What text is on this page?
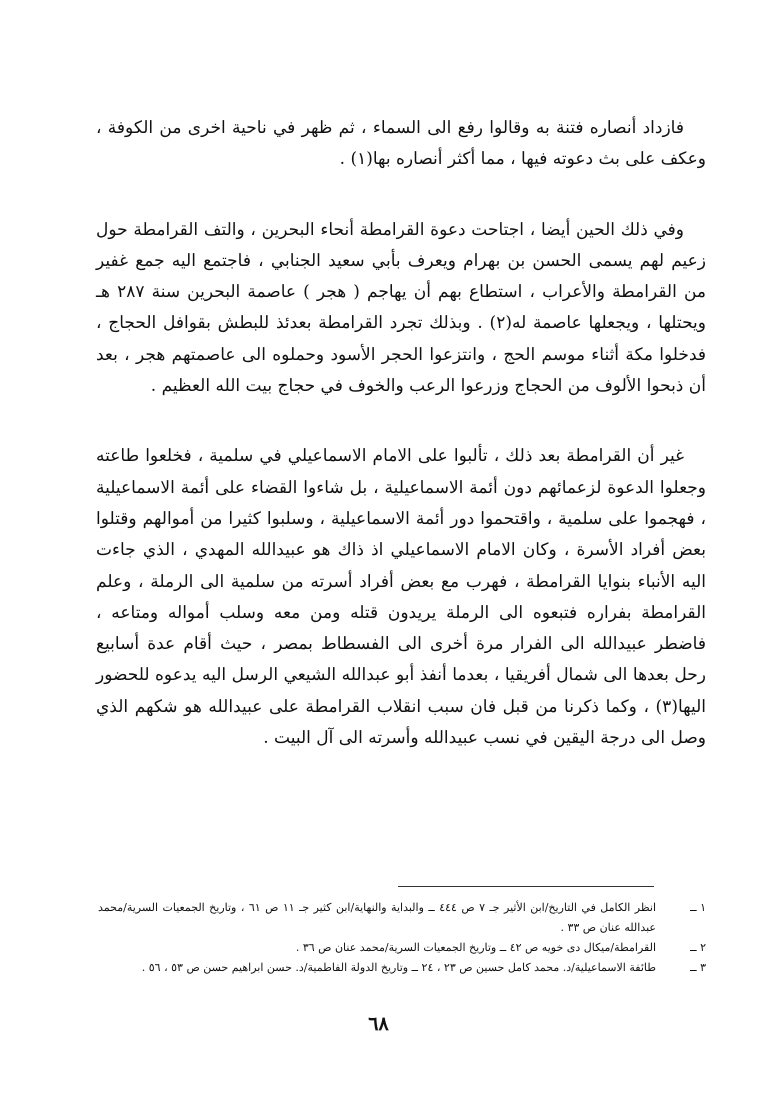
فازداد أنصاره فتنة به وقالوا رفع الى السماء ، ثم ظهر في ناحية اخرى من الكوفة ، وعكف على بث دعوته فيها ، مما أكثر أنصاره بها(١) .

وفي ذلك الحين أيضا ، اجتاحت دعوة القرامطة أنحاء البحرين ، والتف القرامطة حول زعيم لهم يسمى الحسن بن بهرام ويعرف بأبي سعيد الجنابي ، فاجتمع اليه جمع غفير من القرامطة والأعراب ، استطاع بهم أن يهاجم ( هجر ) عاصمة البحرين سنة ٢٨٧ هـ ويحتلها ، ويجعلها عاصمة له(٢) . وبذلك تجرد القرامطة بعدئذ للبطش بقوافل الحجاج ، فدخلوا مكة أثناء موسم الحج ، وانتزعوا الحجر الأسود وحملوه الى عاصمتهم هجر ، بعد أن ذبحوا الألوف من الحجاج وزرعوا الرعب والخوف في حجاج بيت الله العظيم .

غير أن القرامطة بعد ذلك ، تألبوا على الامام الاسماعيلي في سلمية ، فخلعوا طاعته وجعلوا الدعوة لزعمائهم دون أئمة الاسماعيلية ، بل شاءوا القضاء على أئمة الاسماعيلية ، فهجموا على سلمية ، واقتحموا دور أئمة الاسماعيلية ، وسلبوا كثيرا من أموالهم وقتلوا بعض أفراد الأسرة ، وكان الامام الاسماعيلي اذ ذاك هو عبيدالله المهدي ، الذي جاءت اليه الأنباء بنوايا القرامطة ، فهرب مع بعض أفراد أسرته من سلمية الى الرملة ، وعلم القرامطة بفراره فتبعوه الى الرملة يريدون قتله ومن معه وسلب أمواله ومتاعه ، فاضطر عبيدالله الى الفرار مرة أخرى الى الفسطاط بمصر ، حيث أقام عدة أسابيع رحل بعدها الى شمال أفريقيا ، بعدما أنفذ أبو عبدالله الشيعي الرسل اليه يدعوه للحضور اليها(٣) ، وكما ذكرنا من قبل فان سبب انقلاب القرامطة على عبيدالله هو شكهم الذي وصل الى درجة اليقين في نسب عبيدالله وأسرته الى آل البيت .

١ ــ
انظر الكامل في التاريخ/ابن الأثير جـ ٧ ص ٤٤٤ ــ والبداية والنهاية/ابن كثير جـ ١١ ص ٦١ ، وتاريخ الجمعيات السرية/محمد عبدالله عنان ص ٣٣ .
٢ ــ
القرامطة/ميكال دى خويه ص ٤٢ ــ وتاريخ الجمعيات السرية/محمد عنان ص ٣٦ .
٣ ــ
طائفة الاسماعيلية/د. محمد كامل حسين ص ٢٣ ، ٢٤ ــ وتاريخ الدولة الفاطمية/د. حسن ابراهيم حسن ص ٥٣ ، ٥٦ .
٦٨
